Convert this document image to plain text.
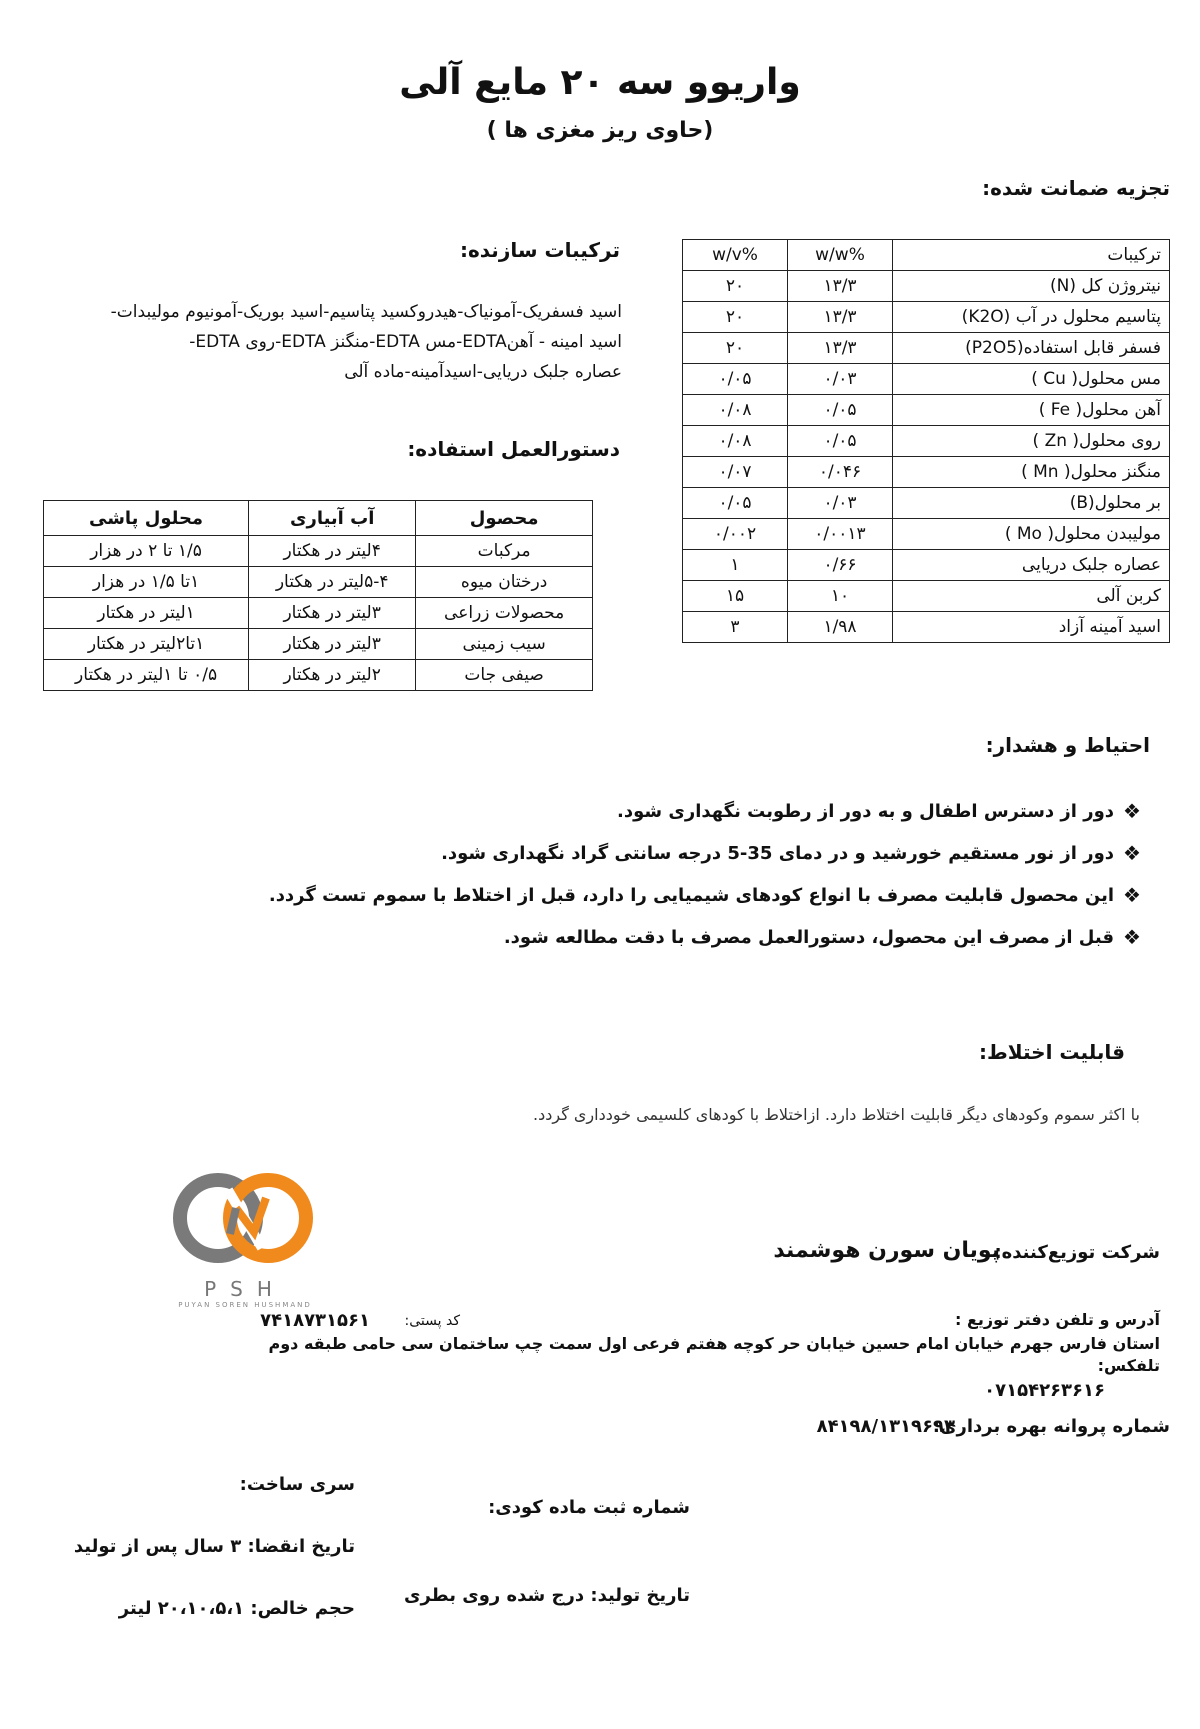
واریوو سه ۲۰ مایع آلی
(حاوی ریز مغزی ها )
تجزیه ضمانت شده:
ترکیبات	%w/w	%w/v
نیتروژن کل (N)	۱۳/۳	۲۰
پتاسیم محلول در آب (K2O)	۱۳/۳	۲۰
فسفر قابل استفاده(P2O5)	۱۳/۳	۲۰
مس محلول( Cu )	۰/۰۳	۰/۰۵
آهن محلول( Fe )	۰/۰۵	۰/۰۸
روی محلول( Zn )	۰/۰۵	۰/۰۸
منگنز محلول( Mn )	۰/۰۴۶	۰/۰۷
بر محلول(B)	۰/۰۳	۰/۰۵
مولیبدن محلول( Mo )	۰/۰۰۱۳	۰/۰۰۲
عصاره جلبک دریایی	۰/۶۶	۱
کربن آلی	۱۰	۱۵
اسید آمینه آزاد	۱/۹۸	۳
ترکیبات سازنده:
اسید فسفریک-آمونیاک-هیدروکسید پتاسیم-اسید بوریک-آمونیوم مولیبدات-
اسید امینه - آهنEDTA-مس EDTA-منگنز EDTA-روی EDTA-
عصاره جلبک دریایی-اسیدآمینه-ماده آلی
دستورالعمل استفاده:
محصول	آب آبیاری	محلول پاشی
مرکبات	۴لیتر در هکتار	۱/۵ تا ۲ در هزار
درختان میوه	۵-۴لیتر در هکتار	۱تا ۱/۵ در هزار
محصولات زراعی	۳لیتر در هکتار	۱لیتر در هکتار
سیب زمینی	۳لیتر در هکتار	۱تا۲لیتر در هکتار
صیفی جات	۲لیتر در هکتار	۰/۵ تا ۱لیتر در هکتار
احتیاط و هشدار:
❖
دور از دسترس اطفال و به دور از رطوبت نگهداری شود.
❖
دور از نور مستقیم خورشید و در دمای 35-5 درجه سانتی گراد نگهداری شود.
❖
این محصول قابلیت مصرف با انواع کودهای شیمیایی را دارد، قبل از اختلاط با سموم تست گردد.
❖
قبل از مصرف این محصول، دستورالعمل مصرف با دقت مطالعه شود.
قابلیت اختلاط:
با اکثر سموم وکودهای دیگر قابلیت اختلاط دارد. ازاختلاط با کودهای کلسیمی خودداری گردد.
PSH
PUYAN SOREN HUSHMAND
شرکت توزیع‌کننده:
پویان سورن هوشمند
آدرس و تلفن دفتر توزیع :
کد پستی:
۷۴۱۸۷۳۱۵۶۱
استان فارس جهرم خیابان امام حسین خیابان حر کوچه هفتم فرعی اول سمت چپ ساختمان سی حامی طبقه دوم
تلفکس:
۰۷۱۵۴۲۶۳۶۱۶
شماره پروانه بهره برداری:
۸۴۱۹۸/۱۳۱۹۶۹۳
سری ساخت:
شماره ثبت ماده کودی:
تاریخ انقضا: ۳ سال پس از تولید
تاریخ تولید: درج شده روی بطری
حجم خالص: ۲۰،۱۰،۵،۱ لیتر
